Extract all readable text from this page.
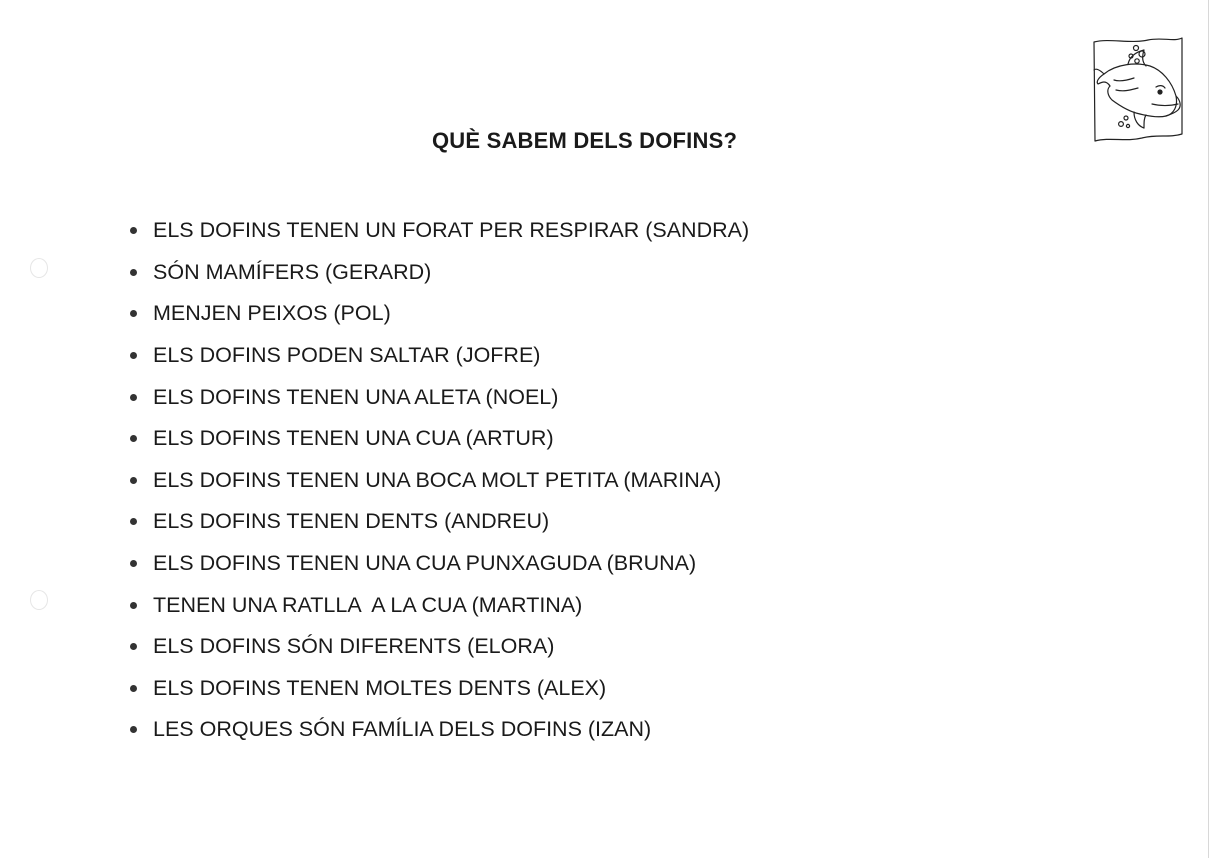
QUÈ SABEM DELS DOFINS?
ELS DOFINS TENEN UN FORAT PER RESPIRAR (SANDRA)
SÓN MAMÍFERS (GERARD)
MENJEN PEIXOS (POL)
ELS DOFINS PODEN SALTAR (JOFRE)
ELS DOFINS TENEN UNA ALETA (NOEL)
ELS DOFINS TENEN UNA CUA (ARTUR)
ELS DOFINS TENEN UNA BOCA MOLT PETITA (MARINA)
ELS DOFINS TENEN DENTS (ANDREU)
ELS DOFINS TENEN UNA CUA PUNXAGUDA (BRUNA)
TENEN UNA RATLLA  A LA CUA (MARTINA)
ELS DOFINS SÓN DIFERENTS (ELORA)
ELS DOFINS TENEN MOLTES DENTS (ALEX)
LES ORQUES SÓN FAMÍLIA DELS DOFINS (IZAN)
